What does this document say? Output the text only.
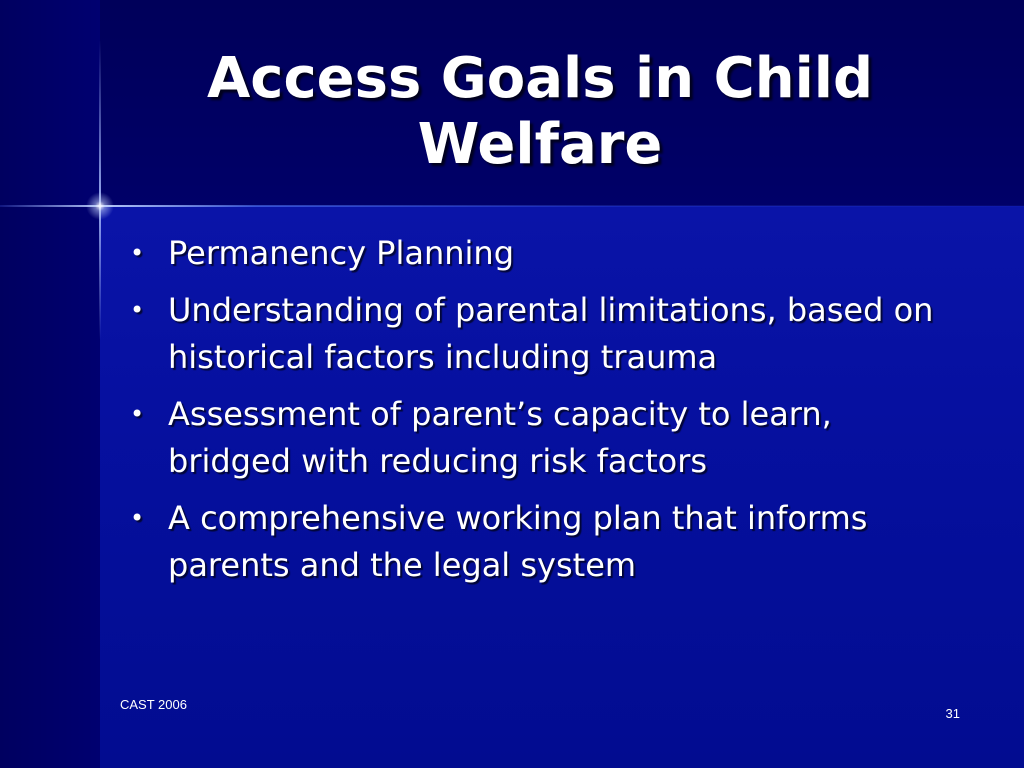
Access Goals in Child Welfare
• Permanency Planning
• Understanding of parental limitations, based on historical factors including trauma
• Assessment of parent’s capacity to learn, bridged with reducing risk factors
• A comprehensive working plan that informs parents and the legal system
CAST 2006
31
